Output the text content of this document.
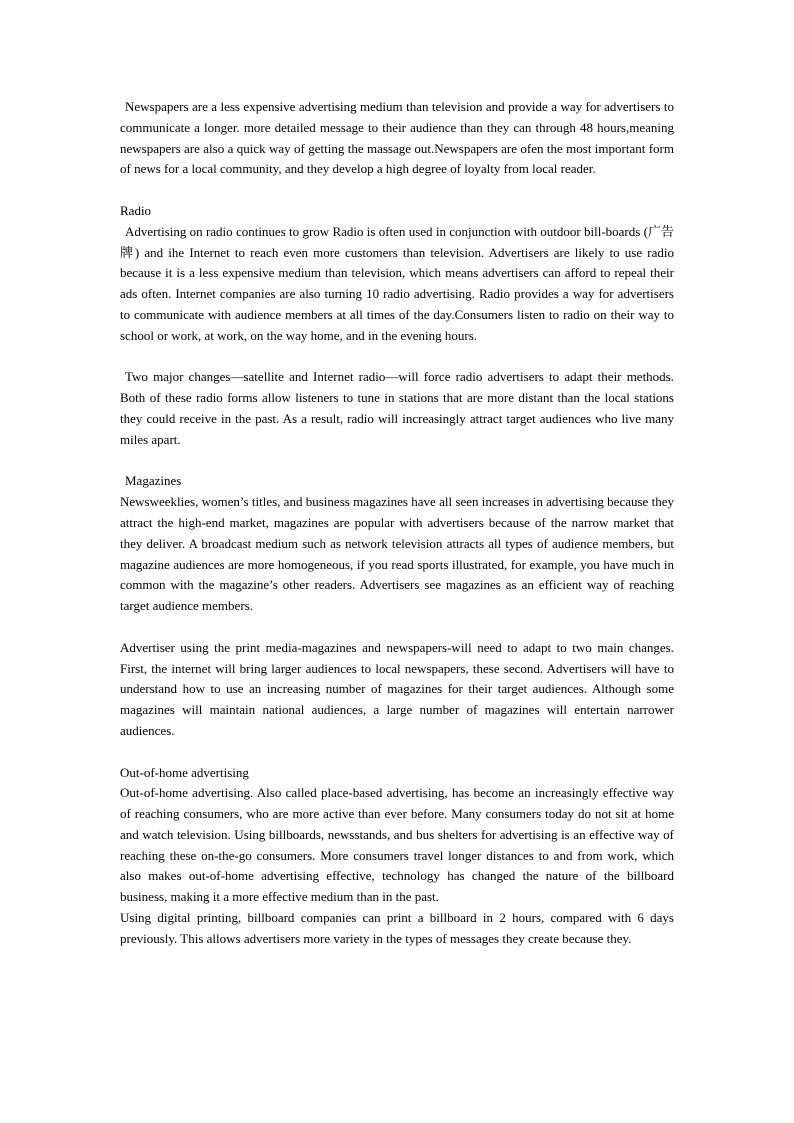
Newspapers are a less expensive advertising medium than television and provide a way for advertisers to communicate a longer. more detailed message to their audience than they can through 48 hours,meaning newspapers are also a quick way of getting the massage out.Newspapers are ofen the most important form of news for a local community, and they develop a high degree of loyalty from local reader.

Radio

Advertising on radio continues to grow Radio is often used in conjunction with outdoor bill-boards (广告牌) and ihe Internet to reach even more customers than television. Advertisers are likely to use radio because it is a less expensive medium than television, which means advertisers can afford to repeal their ads often. Internet companies are also turning 10 radio advertising. Radio provides a way for advertisers to communicate with audience members at all times of the day.Consumers listen to radio on their way to school or work, at work, on the way home, and in the evening hours.

Two major changes—satellite and Internet radio—will force radio advertisers to adapt their methods. Both of these radio forms allow listeners to tune in stations that are more distant than the local stations they could receive in the past. As a result, radio will increasingly attract target audiences who live many miles apart.

Magazines

Newsweeklies, women’s titles, and business magazines have all seen increases in advertising because they attract the high-end market, magazines are popular with advertisers because of the narrow market that they deliver. A broadcast medium such as network television attracts all types of audience members, but magazine audiences are more homogeneous, if you read sports illustrated, for example, you have much in common with the magazine’s other readers. Advertisers see magazines as an efficient way of reaching target audience members.

Advertiser using the print media-magazines and newspapers-will need to adapt to two main changes. First, the internet will bring larger audiences to local newspapers, these second. Advertisers will have to understand how to use an increasing number of magazines for their target audiences. Although some magazines will maintain national audiences, a large number of magazines will entertain narrower audiences.

Out-of-home advertising

Out-of-home advertising. Also called place-based advertising, has become an increasingly effective way of reaching consumers, who are more active than ever before. Many consumers today do not sit at home and watch television. Using billboards, newsstands, and bus shelters for advertising is an effective way of reaching these on-the-go consumers. More consumers travel longer distances to and from work, which also makes out-of-home advertising effective, technology has changed the nature of the billboard business, making it a more effective medium than in the past.

Using digital printing, billboard companies can print a billboard in 2 hours, compared with 6 days previously. This allows advertisers more variety in the types of messages they create because they.
